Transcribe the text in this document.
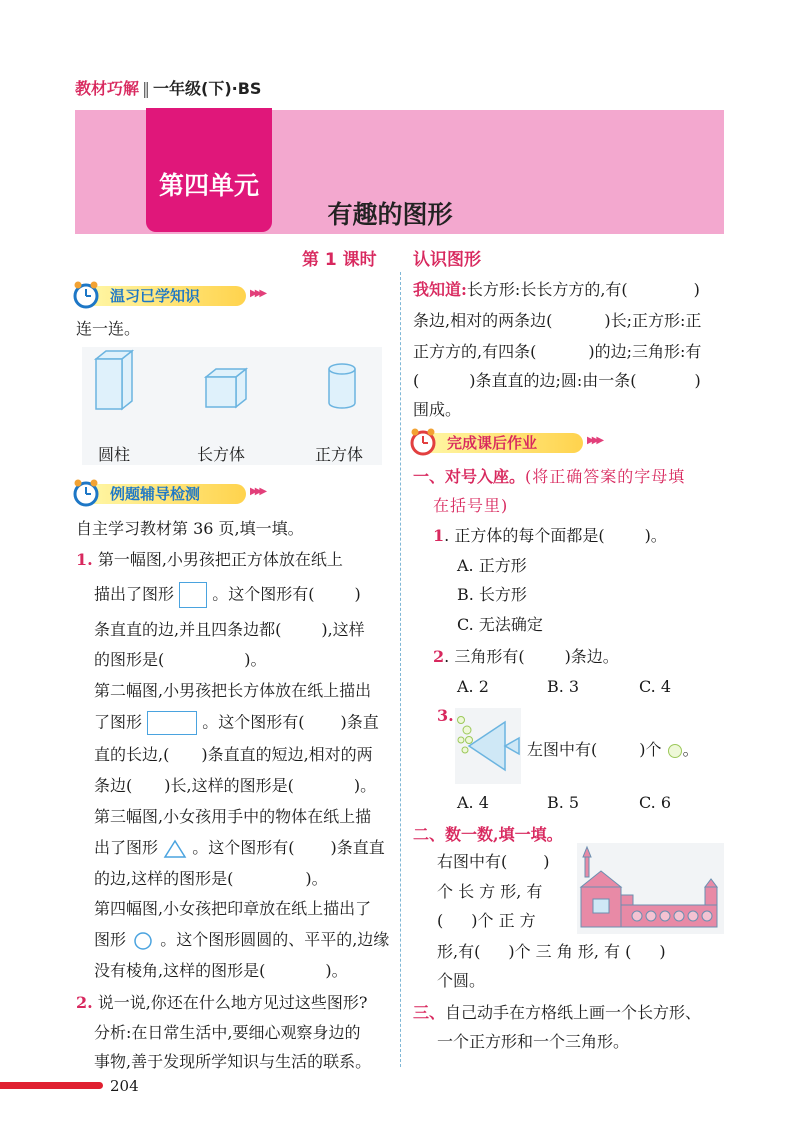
教材巧解 ‖ 一年级(下)·BS
第四单元
有趣的图形
第 1 课时 认识图形
温习已学知识	▶▶▶
连一连。
圆柱	长方体	正方体
例题辅导检测	▶▶▶
自主学习教材第 36 页,填一填。
1. 第一幅图,小男孩把正方体放在纸上
描出了图形 。这个图形有(	)
条直直的边,并且四条边都(	),这样
的图形是(	)。
第二幅图,小男孩把长方体放在纸上描出
了图形	。这个图形有( )条直
直的长边,( )条直直的短边,相对的两
条边( )长,这样的图形是(	)。
第三幅图,小女孩用手中的物体在纸上描
出了图形 。这个图形有( )条直直
的边,这样的图形是(	)。
第四幅图,小女孩把印章放在纸上描出了
图形 。这个图形圆圆的、平平的,边缘
没有棱角,这样的图形是(	)。
2. 说一说,你还在什么地方见过这些图形?
分析:在日常生活中,要细心观察身边的
事物,善于发现所学知识与生活的联系。
我知道:长方形:长长方方的,有(	)
条边,相对的两条边(	)长;正方形:正
正方方的,有四条(	)的边;三角形:有
(	)条直直的边;圆:由一条(	)
围成。
完成课后作业	▶▶▶
一、对号入座。(将正确答案的字母填
在括号里)
1. 正方体的每个面都是(	)。
A. 正方形
B. 长方形
C. 无法确定
2. 三角形有(	)条边。
A. 2	B. 3	C. 4
3.
左图中有(	)个 。
A. 4	B. 5	C. 6
二、数一数,填一填。
右图中有( )
个 长 方 形, 有
( )个 正 方
形,有( )个 三 角 形, 有 ( )
个圆。
三、自己动手在方格纸上画一个长方形、
一个正方形和一个三角形。
204
